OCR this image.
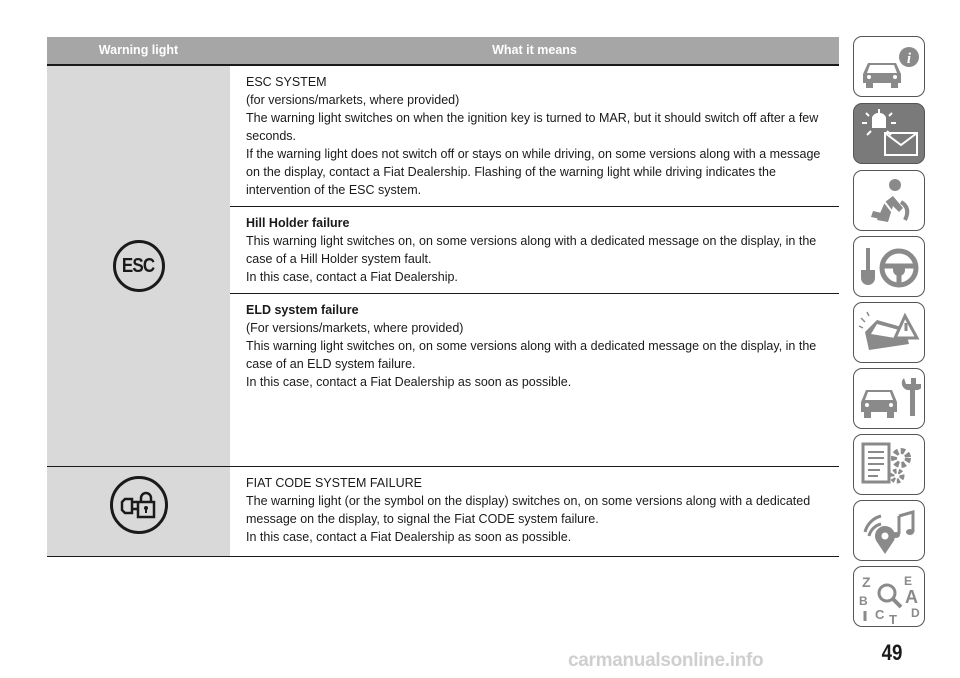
Warning light	What it means
ESC

ESC SYSTEM

(for versions/markets, where provided)

The warning light switches on when the ignition key is turned to MAR, but it should switch off after a few seconds.

If the warning light does not switch off or stays on while driving, on some versions along with a message on the display, contact a Fiat Dealership. Flashing of the warning light while driving indicates the intervention of the ESC system.

Hill Holder failure

This warning light switches on, on some versions along with a dedicated message on the display, in the case of a Hill Holder system fault.

In this case, contact a Fiat Dealership.

ELD system failure

(For versions/markets, where provided)

This warning light switches on, on some versions along with a dedicated message on the display, in the case of an ELD system failure.

In this case, contact a Fiat Dealership as soon as possible.

FIAT CODE SYSTEM FAILURE

The warning light (or the symbol on the display) switches on, on some versions along with a dedicated message on the display, to signal the Fiat CODE system failure.

In this case, contact a Fiat Dealership as soon as possible.

i
Z	E
B A
C D
T
49
carmanualsonline.info
